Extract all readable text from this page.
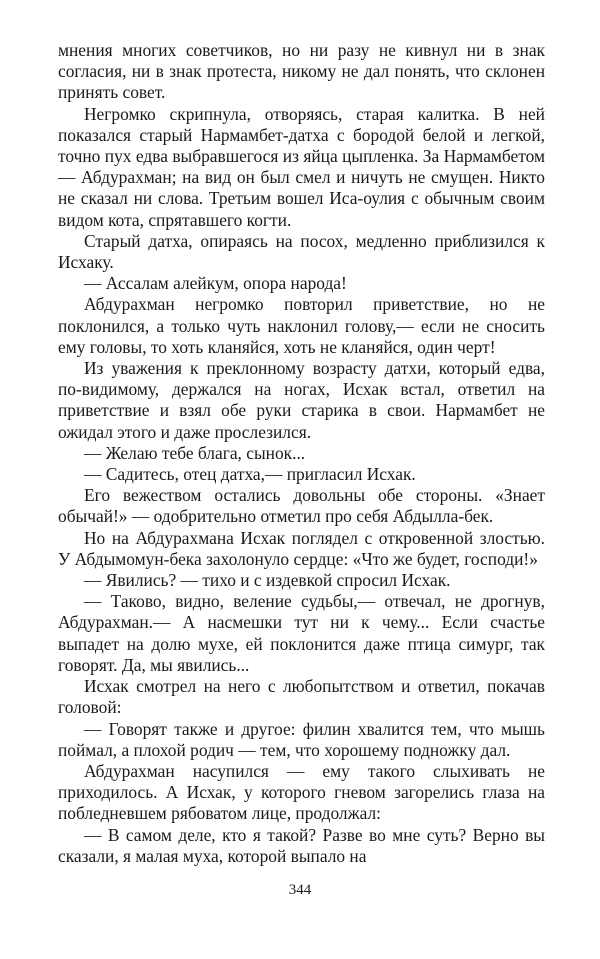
мнения многих советчиков, но ни разу не кивнул ни в знак согласия, ни в знак протеста, никому не дал понять, что склонен принять совет.

Негромко скрипнула, отворяясь, старая калитка. В ней показался старый Нармамбет-датха с бородой белой и легкой, точно пух едва выбравшегося из яйца цыпленка. За Нармамбетом — Абдурахман; на вид он был смел и ничуть не смущен. Никто не сказал ни слова. Третьим вошел Иса-оулия с обычным своим видом кота, спрятавшего когти.

Старый датха, опираясь на посох, медленно приблизился к Исхаку.

— Ассалам алейкум, опора народа!

Абдурахман негромко повторил приветствие, но не поклонился, а только чуть наклонил голову,— если не сносить ему головы, то хоть кланяйся, хоть не кланяйся, один черт!

Из уважения к преклонному возрасту датхи, который едва, по-видимому, держался на ногах, Исхак встал, ответил на приветствие и взял обе руки старика в свои. Нармамбет не ожидал этого и даже прослезился.

— Желаю тебе блага, сынок...

— Садитесь, отец датха,— пригласил Исхак.

Его вежеством остались довольны обе стороны. «Знает обычай!» — одобрительно отметил про себя Абдылла-бек.

Но на Абдурахмана Исхак поглядел с откровенной злостью. У Абдымомун-бека захолонуло сердце: «Что же будет, господи!»

— Явились? — тихо и с издевкой спросил Исхак.

— Таково, видно, веление судьбы,— отвечал, не дрогнув, Абдурахман.— А насмешки тут ни к чему... Если счастье выпадет на долю мухе, ей поклонится даже птица симург, так говорят. Да, мы явились...

Исхак смотрел на него с любопытством и ответил, покачав головой:

— Говорят также и другое: филин хвалится тем, что мышь поймал, а плохой родич — тем, что хорошему подножку дал.

Абдурахман насупился — ему такого слыхивать не приходилось. А Исхак, у которого гневом загорелись глаза на побледневшем рябоватом лице, продолжал:

— В самом деле, кто я такой? Разве во мне суть? Верно вы сказали, я малая муха, которой выпало на

344
